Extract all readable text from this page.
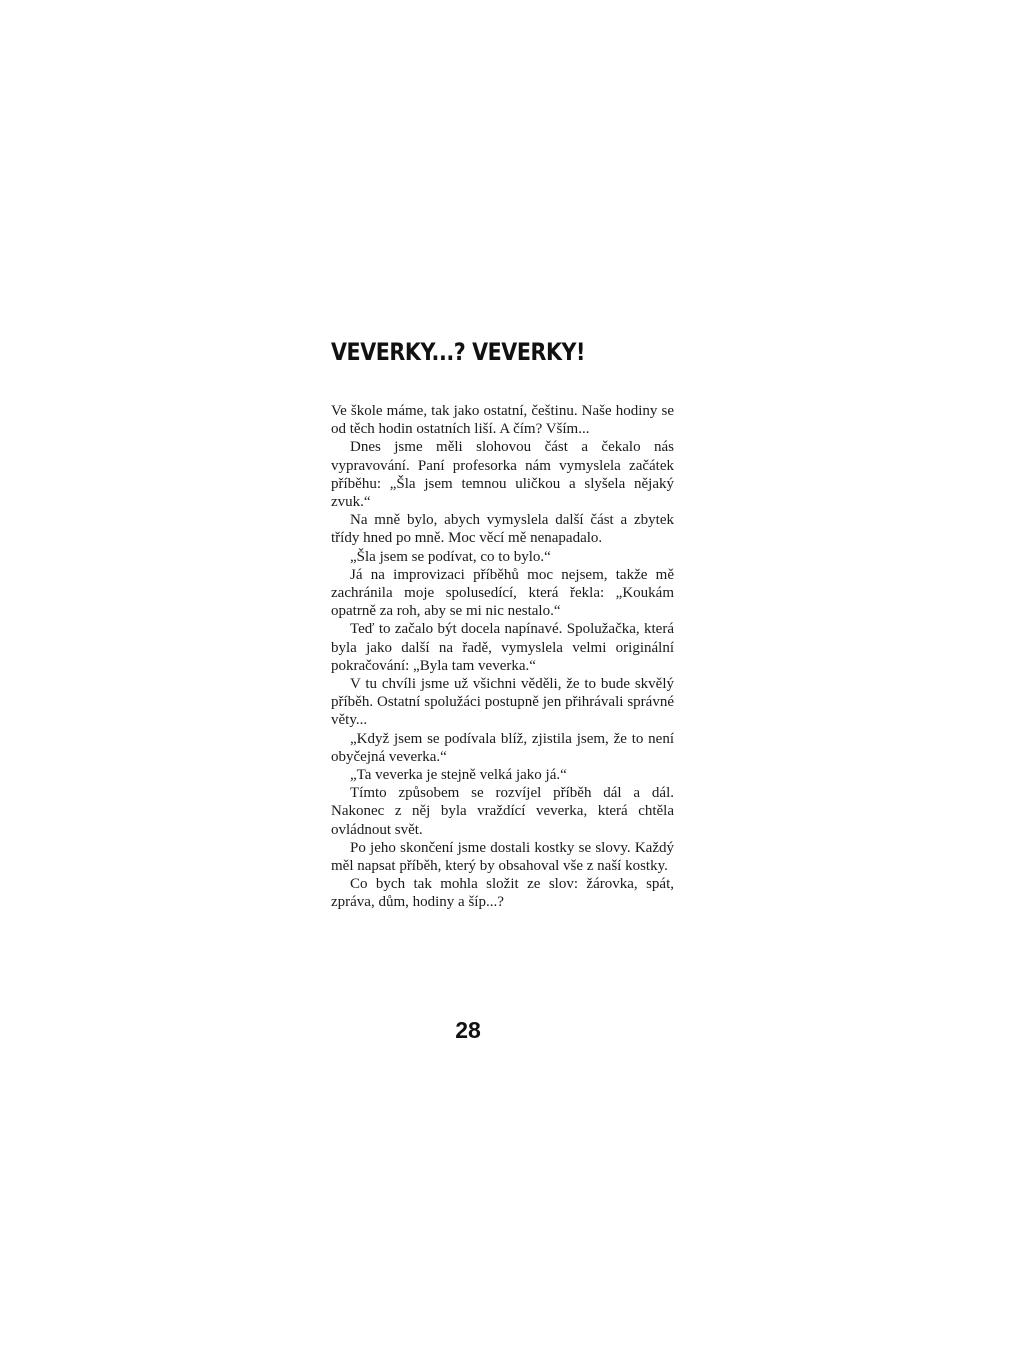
VEVERKY...? VEVERKY!

Ve škole máme, tak jako ostatní, češtinu. Naše hodiny se od těch hodin ostatních liší. A čím? Vším...

Dnes jsme měli slohovou část a čekalo nás vypravování. Paní profesorka nám vymyslela začátek příběhu: „Šla jsem temnou uličkou a slyšela nějaký zvuk.“

Na mně bylo, abych vymyslela další část a zbytek třídy hned po mně. Moc věcí mě nenapadalo.

„Šla jsem se podívat, co to bylo.“

Já na improvizaci příběhů moc nejsem, takže mě zachránila moje spolusedící, která řekla: „Koukám opatrně za roh, aby se mi nic nestalo.“

Teď to začalo být docela napínavé. Spolužačka, která byla jako další na řadě, vymyslela velmi originální pokračování: „Byla tam veverka.“

V tu chvíli jsme už všichni věděli, že to bude skvělý příběh. Ostatní spolužáci postupně jen přihrávali správné věty...

„Když jsem se podívala blíž, zjistila jsem, že to není obyčejná veverka.“

„Ta veverka je stejně velká jako já.“

Tímto způsobem se rozvíjel příběh dál a dál. Nakonec z něj byla vraždící veverka, která chtěla ovládnout svět.

Po jeho skončení jsme dostali kostky se slovy. Každý měl napsat příběh, který by obsahoval vše z naší kostky.

Co bych tak mohla složit ze slov: žárovka, spát, zpráva, dům, hodiny a šíp...?

28
